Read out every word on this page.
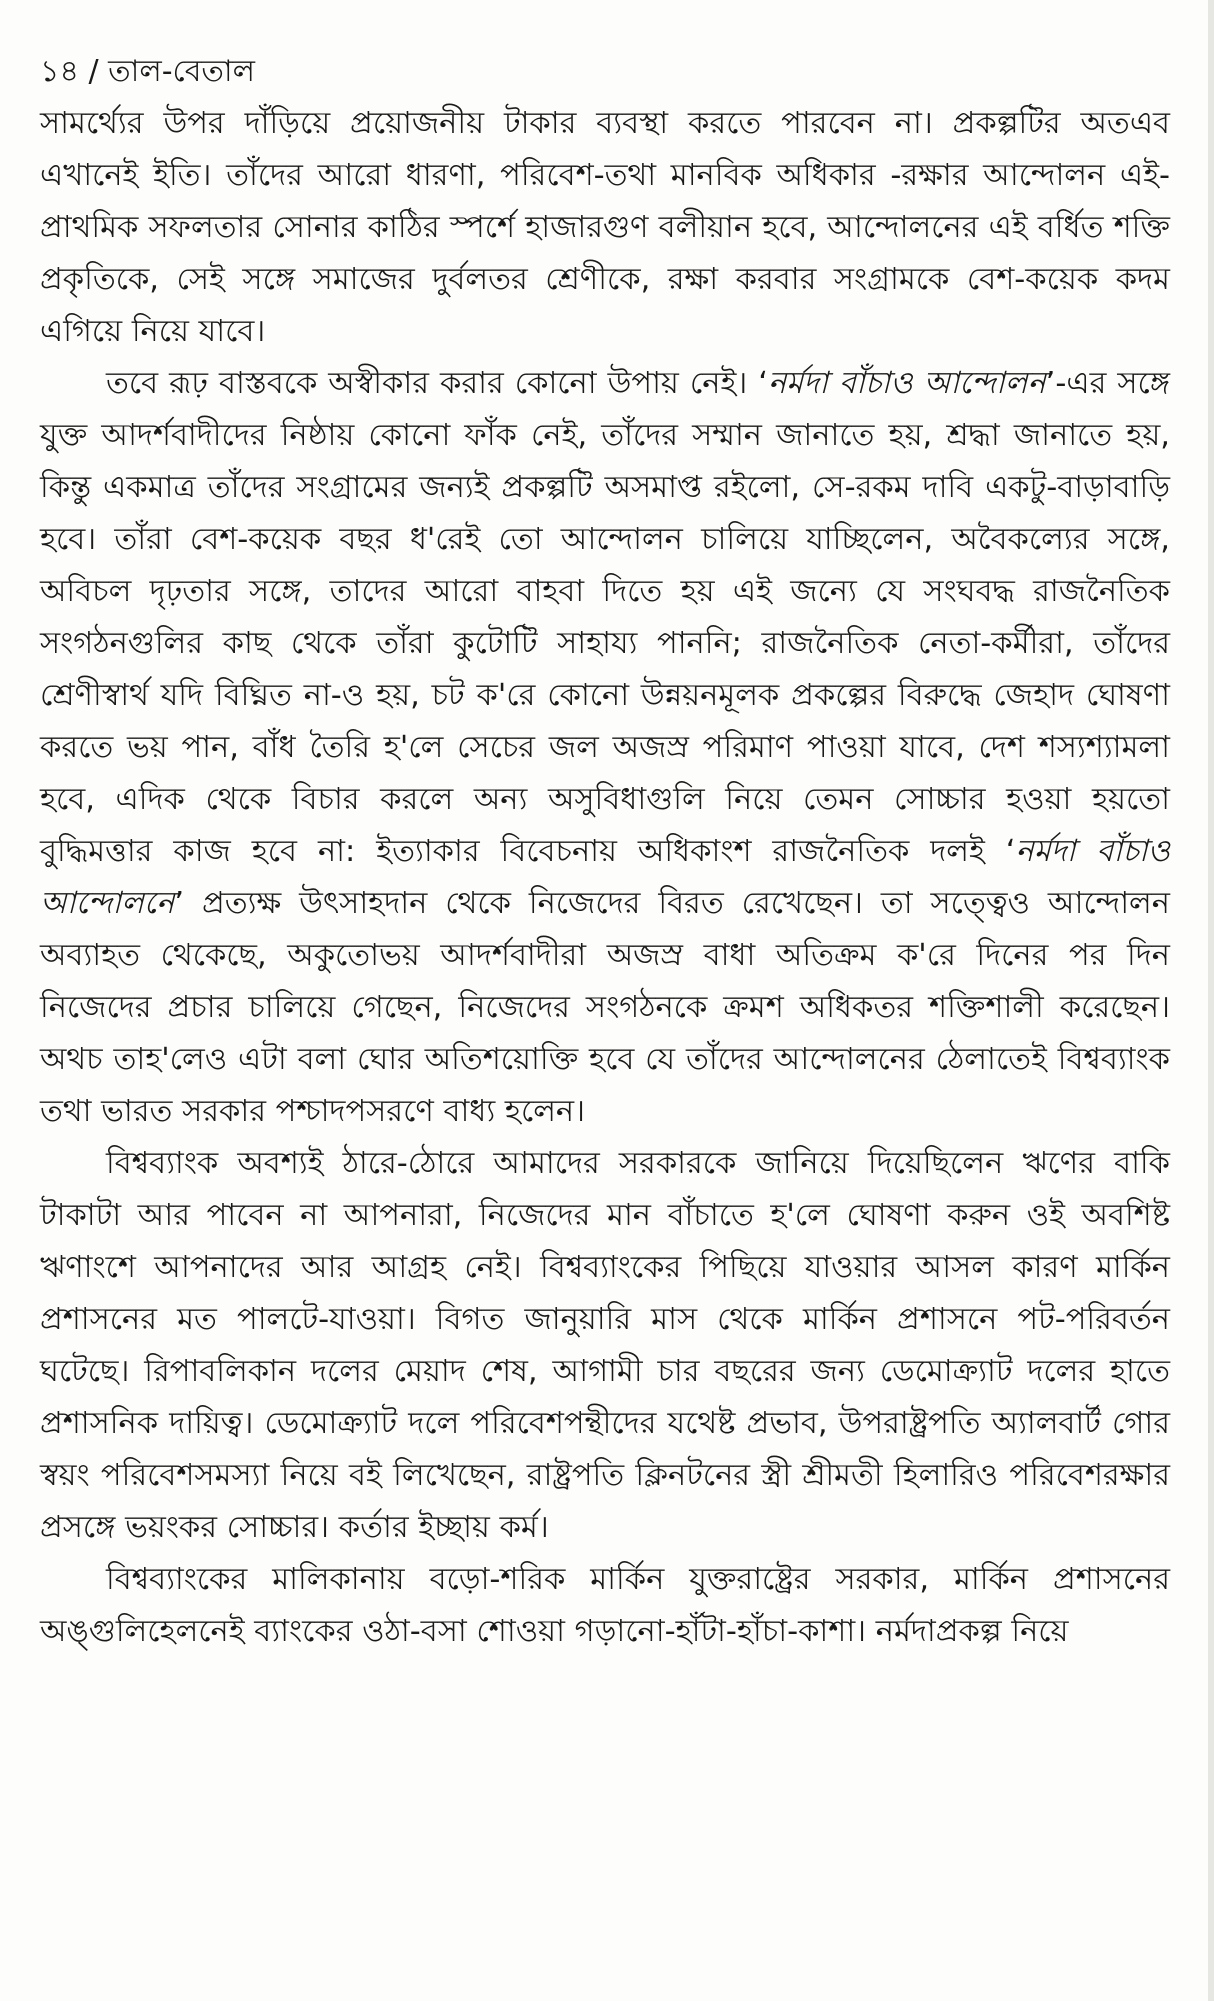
১৪ / তাল-বেতাল

সামর্থ্যের উপর দাঁড়িয়ে প্রয়োজনীয় টাকার ব্যবস্থা করতে পারবেন না। প্রকল্পটির অতএব এখানেই ইতি। তাঁদের আরো ধারণা, পরিবেশ-তথা মানবিক অধিকার -রক্ষার আন্দোলন এই-প্রাথমিক সফলতার সোনার কাঠির স্পর্শে হাজারগুণ বলীয়ান হবে, আন্দোলনের এই বর্ধিত শক্তি প্রকৃতিকে, সেই সঙ্গে সমাজের দুর্বলতর শ্রেণীকে, রক্ষা করবার সংগ্রামকে বেশ-কয়েক কদম এগিয়ে নিয়ে যাবে।

তবে রূঢ় বাস্তবকে অস্বীকার করার কোনো উপায় নেই। ‘নর্মদা বাঁচাও আন্দোলন’-এর সঙ্গে যুক্ত আদর্শবাদীদের নিষ্ঠায় কোনো ফাঁক নেই, তাঁদের সম্মান জানাতে হয়, শ্রদ্ধা জানাতে হয়, কিন্তু একমাত্র তাঁদের সংগ্রামের জন্যই প্রকল্পটি অসমাপ্ত রইলো, সে-রকম দাবি একটু-বাড়াবাড়ি হবে। তাঁরা বেশ-কয়েক বছর ধ'রেই তো আন্দোলন চালিয়ে যাচ্ছিলেন, অবৈকল্যের সঙ্গে, অবিচল দৃঢ়তার সঙ্গে, তাদের আরো বাহবা দিতে হয় এই জন্যে যে সংঘবদ্ধ রাজনৈতিক সংগঠনগুলির কাছ থেকে তাঁরা কুটোটি সাহায্য পাননি; রাজনৈতিক নেতা-কর্মীরা, তাঁদের শ্রেণীস্বার্থ যদি বিঘ্নিত না-ও হয়, চট ক'রে কোনো উন্নয়নমূলক প্রকল্পের বিরুদ্ধে জেহাদ ঘোষণা করতে ভয় পান, বাঁধ তৈরি হ'লে সেচের জল অজস্র পরিমাণ পাওয়া যাবে, দেশ শস্যশ্যামলা হবে, এদিক থেকে বিচার করলে অন্য অসুবিধাগুলি নিয়ে তেমন সোচ্চার হওয়া হয়তো বুদ্ধিমত্তার কাজ হবে না: ইত্যাকার বিবেচনায় অধিকাংশ রাজনৈতিক দলই ‘নর্মদা বাঁচাও আন্দোলনে’ প্রত্যক্ষ উৎসাহদান থেকে নিজেদের বিরত রেখেছেন। তা সত্ত্বেও আন্দোলন অব্যাহত থেকেছে, অকুতোভয় আদর্শবাদীরা অজস্র বাধা অতিক্রম ক'রে দিনের পর দিন নিজেদের প্রচার চালিয়ে গেছেন, নিজেদের সংগঠনকে ক্রমশ অধিকতর শক্তিশালী করেছেন। অথচ তাহ'লেও এটা বলা ঘোর অতিশয়োক্তি হবে যে তাঁদের আন্দোলনের ঠেলাতেই বিশ্বব্যাংক তথা ভারত সরকার পশ্চাদপসরণে বাধ্য হলেন।

বিশ্বব্যাংক অবশ্যই ঠারে-ঠোরে আমাদের সরকারকে জানিয়ে দিয়েছিলেন ঋণের বাকি টাকাটা আর পাবেন না আপনারা, নিজেদের মান বাঁচাতে হ'লে ঘোষণা করুন ওই অবশিষ্ট ঋণাংশে আপনাদের আর আগ্রহ নেই। বিশ্বব্যাংকের পিছিয়ে যাওয়ার আসল কারণ মার্কিন প্রশাসনের মত পালটে-যাওয়া। বিগত জানুয়ারি মাস থেকে মার্কিন প্রশাসনে পট-পরিবর্তন ঘটেছে। রিপাবলিকান দলের মেয়াদ শেষ, আগামী চার বছরের জন্য ডেমোক্র্যাট দলের হাতে প্রশাসনিক দায়িত্ব। ডেমোক্র্যাট দলে পরিবেশপন্থীদের যথেষ্ট প্রভাব, উপরাষ্ট্রপতি অ্যালবার্ট গোর স্বয়ং পরিবেশসমস্যা নিয়ে বই লিখেছেন, রাষ্ট্রপতি ক্লিনটনের স্ত্রী শ্রীমতী হিলারিও পরিবেশরক্ষার প্রসঙ্গে ভয়ংকর সোচ্চার। কর্তার ইচ্ছায় কর্ম।

বিশ্বব্যাংকের মালিকানায় বড়ো-শরিক মার্কিন যুক্তরাষ্ট্রের সরকার, মার্কিন প্রশাসনের অঙ্গুলিহেলনেই ব্যাংকের ওঠা-বসা শোওয়া গড়ানো-হাঁটা-হাঁচা-কাশা। নর্মদাপ্রকল্প নিয়ে
